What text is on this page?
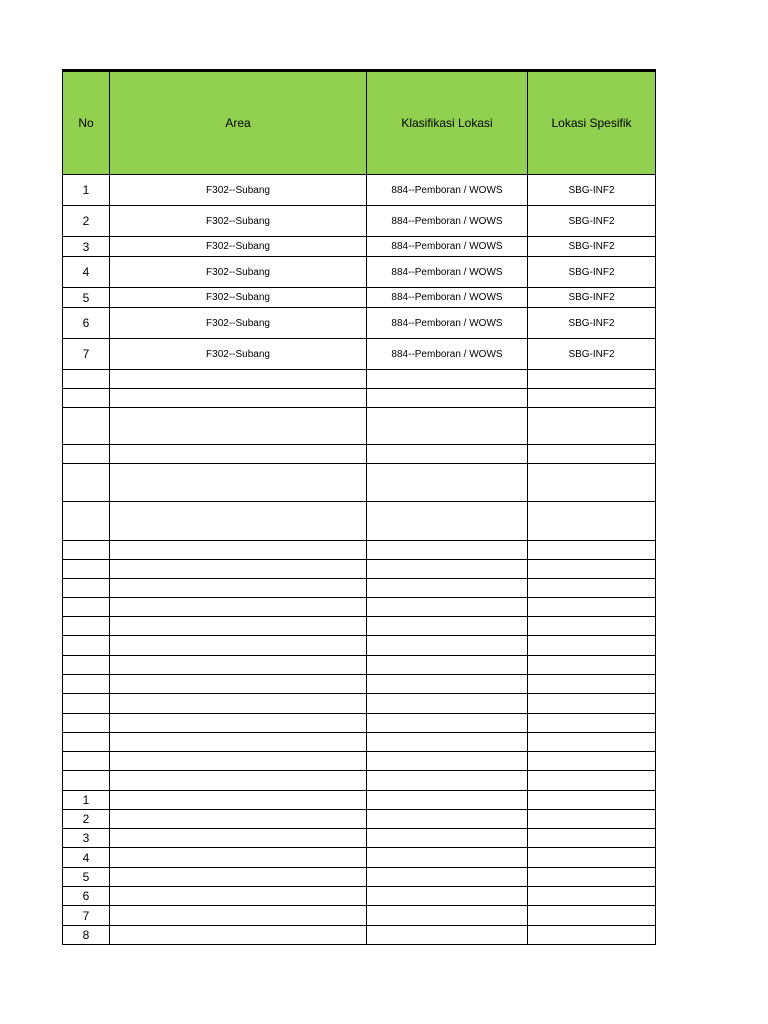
No	Area	Klasifikasi Lokasi	Lokasi Spesifik
1	F302--Subang	884--Pemboran / WOWS	SBG-INF2
2	F302--Subang	884--Pemboran / WOWS	SBG-INF2
3	F302--Subang	884--Pemboran / WOWS	SBG-INF2
4	F302--Subang	884--Pemboran / WOWS	SBG-INF2
5	F302--Subang	884--Pemboran / WOWS	SBG-INF2
6	F302--Subang	884--Pemboran / WOWS	SBG-INF2
7	F302--Subang	884--Pemboran / WOWS	SBG-INF2

1			
2			
3			
4			
5			
6			
7			
8			
